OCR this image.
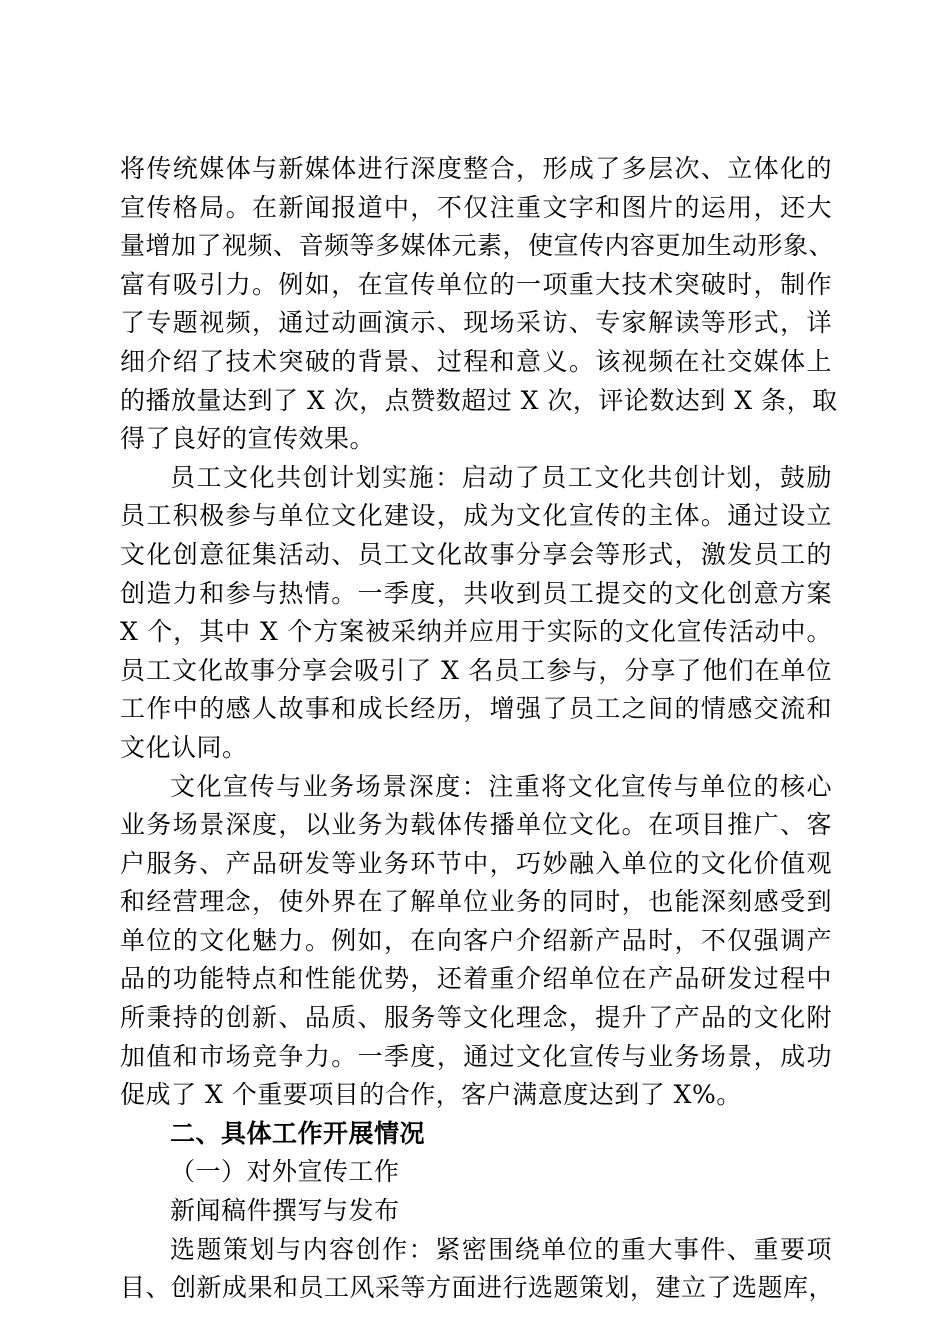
将传统媒体与新媒体进行深度整合，形成了多层次、立体化的
宣传格局。在新闻报道中，不仅注重文字和图片的运用，还大
量增加了视频、音频等多媒体元素，使宣传内容更加生动形象、
富有吸引力。例如，在宣传单位的一项重大技术突破时，制作
了专题视频，通过动画演示、现场采访、专家解读等形式，详
细介绍了技术突破的背景、过程和意义。该视频在社交媒体上
的播放量达到了 X 次，点赞数超过 X 次，评论数达到 X 条，取
得了良好的宣传效果。
员工文化共创计划实施：启动了员工文化共创计划，鼓励
员工积极参与单位文化建设，成为文化宣传的主体。通过设立
文化创意征集活动、员工文化故事分享会等形式，激发员工的
创造力和参与热情。一季度，共收到员工提交的文化创意方案
X 个，其中 X 个方案被采纳并应用于实际的文化宣传活动中。
员工文化故事分享会吸引了 X 名员工参与，分享了他们在单位
工作中的感人故事和成长经历，增强了员工之间的情感交流和
文化认同。
文化宣传与业务场景深度：注重将文化宣传与单位的核心
业务场景深度，以业务为载体传播单位文化。在项目推广、客
户服务、产品研发等业务环节中，巧妙融入单位的文化价值观
和经营理念，使外界在了解单位业务的同时，也能深刻感受到
单位的文化魅力。例如，在向客户介绍新产品时，不仅强调产
品的功能特点和性能优势，还着重介绍单位在产品研发过程中
所秉持的创新、品质、服务等文化理念，提升了产品的文化附
加值和市场竞争力。一季度，通过文化宣传与业务场景，成功
促成了 X 个重要项目的合作，客户满意度达到了 X%。
二、具体工作开展情况
（一）对外宣传工作
新闻稿件撰写与发布
选题策划与内容创作：紧密围绕单位的重大事件、重要项
目、创新成果和员工风采等方面进行选题策划，建立了选题库，
